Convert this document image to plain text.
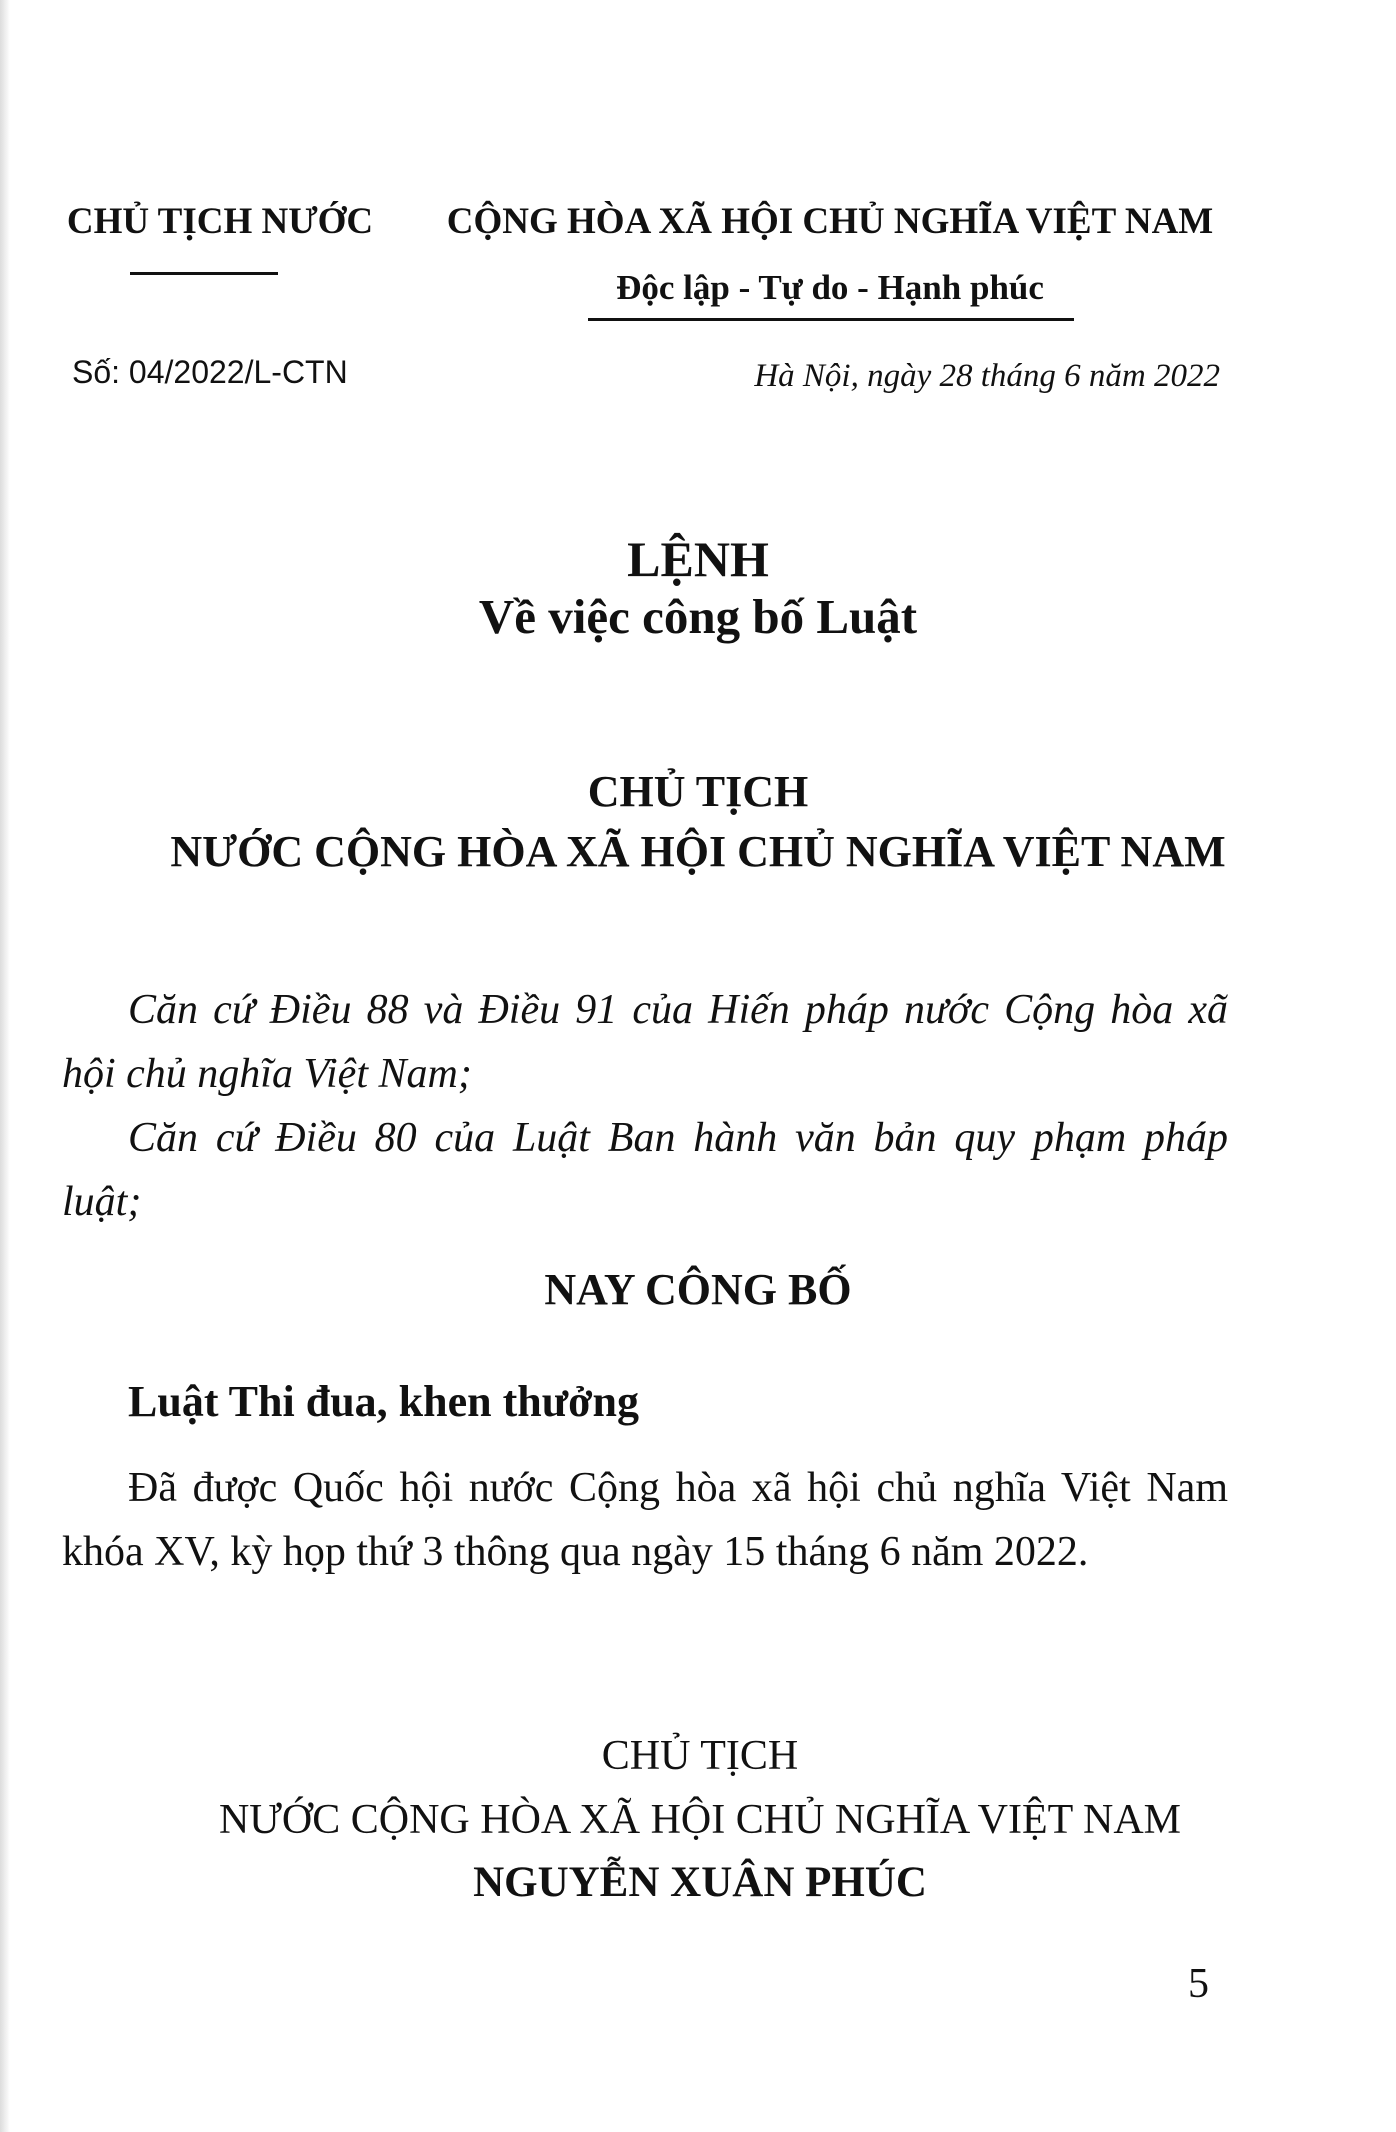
CHỦ TỊCH NƯỚC CỘNG HÒA XÃ HỘI CHỦ NGHĨA VIỆT NAM
Độc lập - Tự do - Hạnh phúc
Số: 04/2022/L-CTN	Hà Nội, ngày 28 tháng 6 năm 2022
LỆNH
Về việc công bố Luật
CHỦ TỊCH
NƯỚC CỘNG HÒA XÃ HỘI CHỦ NGHĨA VIỆT NAM
Căn cứ Điều 88 và Điều 91 của Hiến pháp nước Cộng hòa xã hội chủ nghĩa Việt Nam;
Căn cứ Điều 80 của Luật Ban hành văn bản quy phạm pháp luật;
NAY CÔNG BỐ
Luật Thi đua, khen thưởng
Đã được Quốc hội nước Cộng hòa xã hội chủ nghĩa Việt Nam khóa XV, kỳ họp thứ 3 thông qua ngày 15 tháng 6 năm 2022.
CHỦ TỊCH
NƯỚC CỘNG HÒA XÃ HỘI CHỦ NGHĨA VIỆT NAM
NGUYỄN XUÂN PHÚC
5
